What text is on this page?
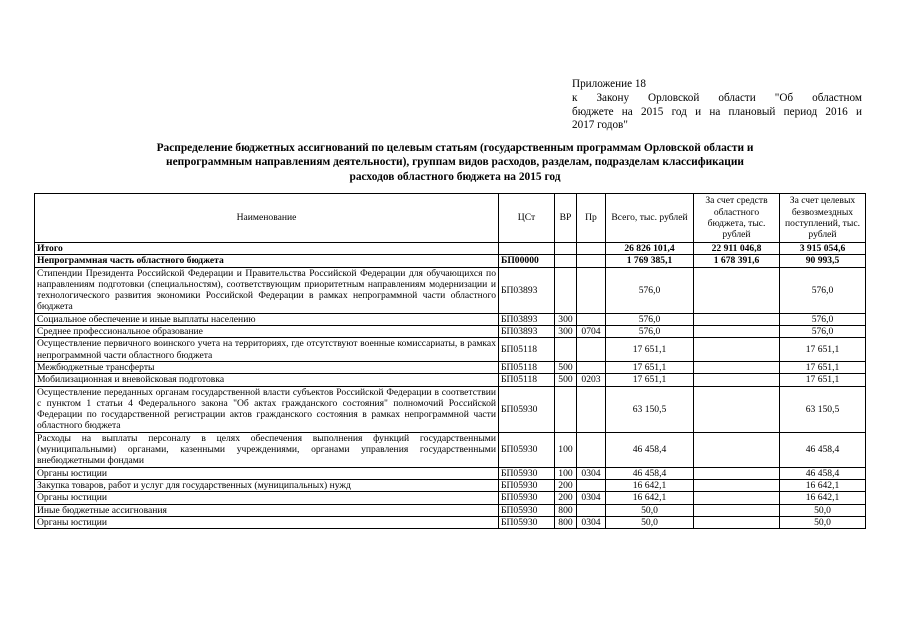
Приложение 18
к Закону Орловской области "Об областном
бюджете на 2015 год и на плановый период 2016 и
2017 годов"
Распределение бюджетных ассигнований по целевым статьям (государственным программам Орловской области и
непрограммным направлениям деятельности), группам видов расходов, разделам, подразделам классификации
расходов областного бюджета на 2015 год
Наименование	ЦСт	ВР	Пр	Всего, тыс. рублей	За счет средств областного бюджета, тыс. рублей	За счет целевых безвозмездных поступлений, тыс. рублей
Итого				26 826 101,4	22 911 046,8	3 915 054,6
Непрограммная часть областного бюджета	БП00000			1 769 385,1	1 678 391,6	90 993,5
Стипендии Президента Российской Федерации и Правительства Российской Федерации для обучающихся по направлениям подготовки (специальностям), соответствующим приоритетным направлениям модернизации и технологического развития экономики Российской Федерации в рамках непрограммной части областного бюджета	БП03893			576,0		576,0
Социальное обеспечение и иные выплаты населению	БП03893	300		576,0		576,0
Среднее профессиональное образование	БП03893	300	0704	576,0		576,0
Осуществление первичного воинского учета на территориях, где отсутствуют военные комиссариаты, в рамках непрограммной части областного бюджета	БП05118			17 651,1		17 651,1
Межбюджетные трансферты	БП05118	500		17 651,1		17 651,1
Мобилизационная и вневойсковая подготовка	БП05118	500	0203	17 651,1		17 651,1
Осуществление переданных органам государственной власти субъектов Российской Федерации в соответствии с пунктом 1 статьи 4 Федерального закона "Об актах гражданского состояния" полномочий Российской Федерации по государственной регистрации актов гражданского состояния в рамках непрограммной части областного бюджета	БП05930			63 150,5		63 150,5
Расходы на выплаты персоналу в целях обеспечения выполнения функций государственными (муниципальными) органами, казенными учреждениями, органами управления государственными внебюджетными фондами	БП05930	100		46 458,4		46 458,4
Органы юстиции	БП05930	100	0304	46 458,4		46 458,4
Закупка товаров, работ и услуг для государственных (муниципальных) нужд	БП05930	200		16 642,1		16 642,1
Органы юстиции	БП05930	200	0304	16 642,1		16 642,1
Иные бюджетные ассигнования	БП05930	800		50,0		50,0
Органы юстиции	БП05930	800	0304	50,0		50,0
